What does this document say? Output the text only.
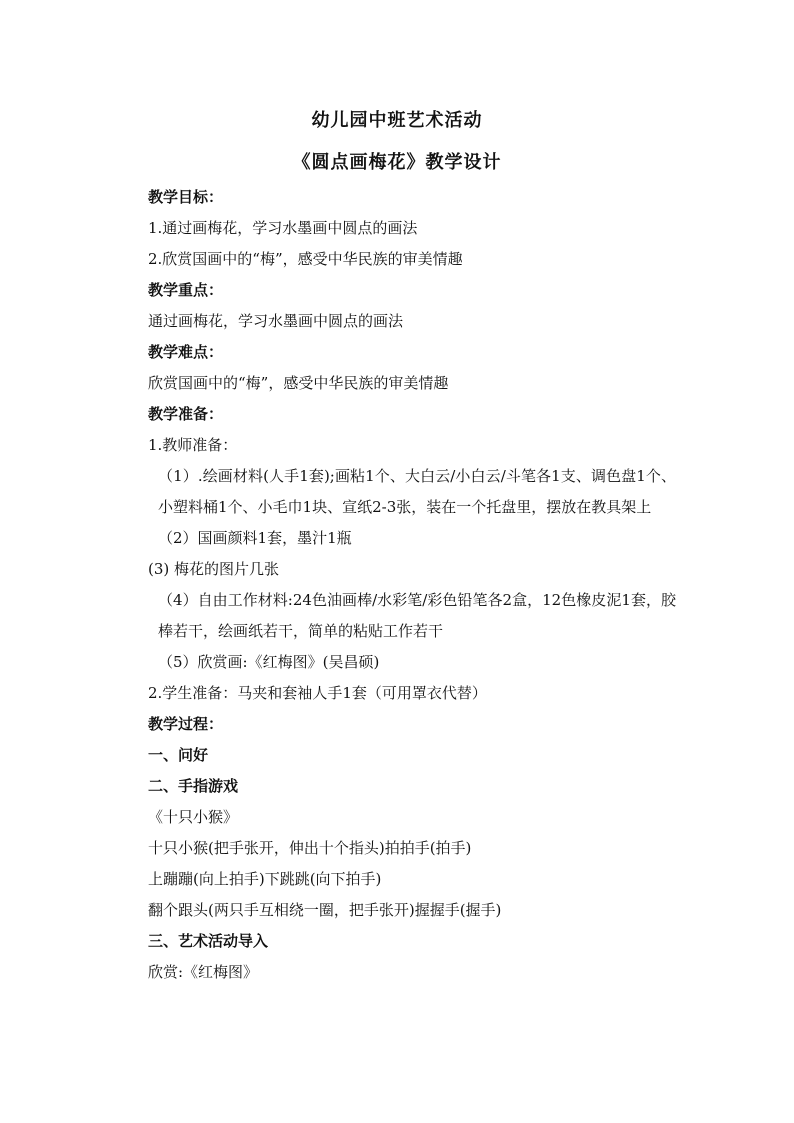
幼儿园中班艺术活动
《圆点画梅花》教学设计
教学目标：
1.通过画梅花，学习水墨画中圆点的画法
2.欣赏国画中的“梅”，感受中华民族的审美情趣
教学重点：
通过画梅花，学习水墨画中圆点的画法
教学难点：
欣赏国画中的“梅”，感受中华民族的审美情趣
教学准备：
1.教师准备：
（1）.绘画材料(人手1套);画粘1个、大白云/小白云/斗笔各1支、调色盘1个、小塑料桶1个、小毛巾1块、宣纸2-3张，装在一个托盘里，摆放在教具架上
（2）国画颜料1套，墨汁1瓶
(3) 梅花的图片几张
（4）自由工作材料:24色油画棒/水彩笔/彩色铅笔各2盒，12色橡皮泥1套，胶棒若干，绘画纸若干，简单的粘贴工作若干
（5）欣赏画:《红梅图》(吴昌硕)
2.学生准备：马夹和套袖人手1套（可用罩衣代替）
教学过程：
一、问好
二、手指游戏
《十只小猴》
十只小猴(把手张开，伸出十个指头)拍拍手(拍手)
上蹦蹦(向上拍手)下跳跳(向下拍手)
翻个跟头(两只手互相绕一圈，把手张开)握握手(握手)
三、艺术活动导入
欣赏:《红梅图》
